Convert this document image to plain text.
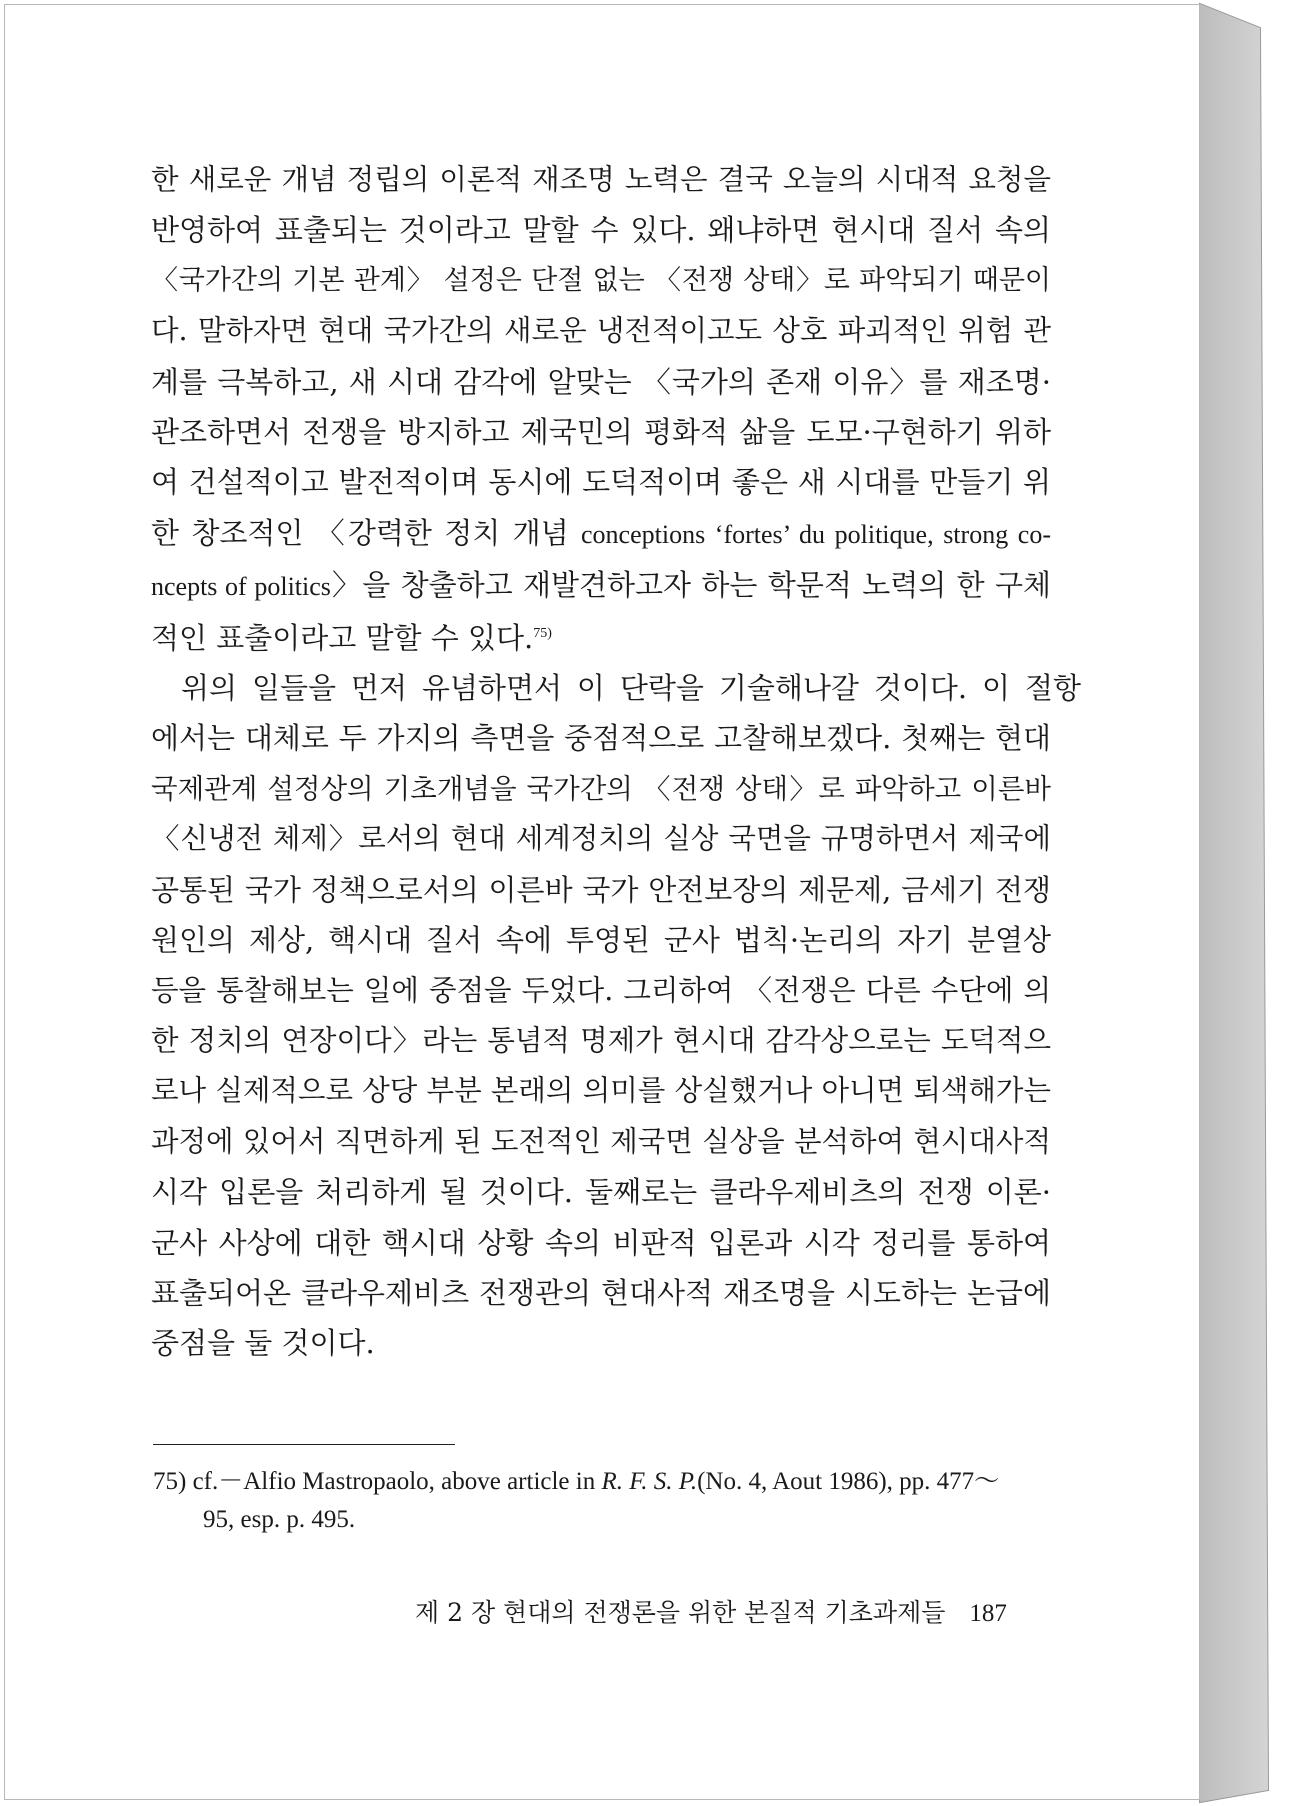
한 새로운 개념 정립의 이론적 재조명 노력은 결국 오늘의 시대적 요청을
반영하여 표출되는 것이라고 말할 수 있다. 왜냐하면 현시대 질서 속의
〈국가간의 기본 관계〉 설정은 단절 없는 〈전쟁 상태〉로 파악되기 때문이
다. 말하자면 현대 국가간의 새로운 냉전적이고도 상호 파괴적인 위험 관
계를 극복하고, 새 시대 감각에 알맞는 〈국가의 존재 이유〉를 재조명·
관조하면서 전쟁을 방지하고 제국민의 평화적 삶을 도모·구현하기 위하
여 건설적이고 발전적이며 동시에 도덕적이며 좋은 새 시대를 만들기 위
한 창조적인 〈강력한 정치 개념 conceptions ‘fortes’ du politique, strong co-
ncepts of politics〉을 창출하고 재발견하고자 하는 학문적 노력의 한 구체
적인 표출이라고 말할 수 있다.$^{75)}$
위의 일들을 먼저 유념하면서 이 단락을 기술해나갈 것이다. 이 절항
에서는 대체로 두 가지의 측면을 중점적으로 고찰해보겠다. 첫째는 현대
국제관계 설정상의 기초개념을 국가간의 〈전쟁 상태〉로 파악하고 이른바
〈신냉전 체제〉로서의 현대 세계정치의 실상 국면을 규명하면서 제국에
공통된 국가 정책으로서의 이른바 국가 안전보장의 제문제, 금세기 전쟁
원인의 제상, 핵시대 질서 속에 투영된 군사 법칙·논리의 자기 분열상
등을 통찰해보는 일에 중점을 두었다. 그리하여 〈전쟁은 다른 수단에 의
한 정치의 연장이다〉라는 통념적 명제가 현시대 감각상으로는 도덕적으
로나 실제적으로 상당 부분 본래의 의미를 상실했거나 아니면 퇴색해가는
과정에 있어서 직면하게 된 도전적인 제국면 실상을 분석하여 현시대사적
시각 입론을 처리하게 될 것이다. 둘째로는 클라우제비츠의 전쟁 이론·
군사 사상에 대한 핵시대 상황 속의 비판적 입론과 시각 정리를 통하여
표출되어온 클라우제비츠 전쟁관의 현대사적 재조명을 시도하는 논급에
중점을 둘 것이다.
75) cf.－Alfio Mastropaolo, above article in R. F. S. P.(No. 4, Aout 1986), pp. 477～
95, esp. p. 495.
제 2 장 현대의 전쟁론을 위한 본질적 기초과제들 187
